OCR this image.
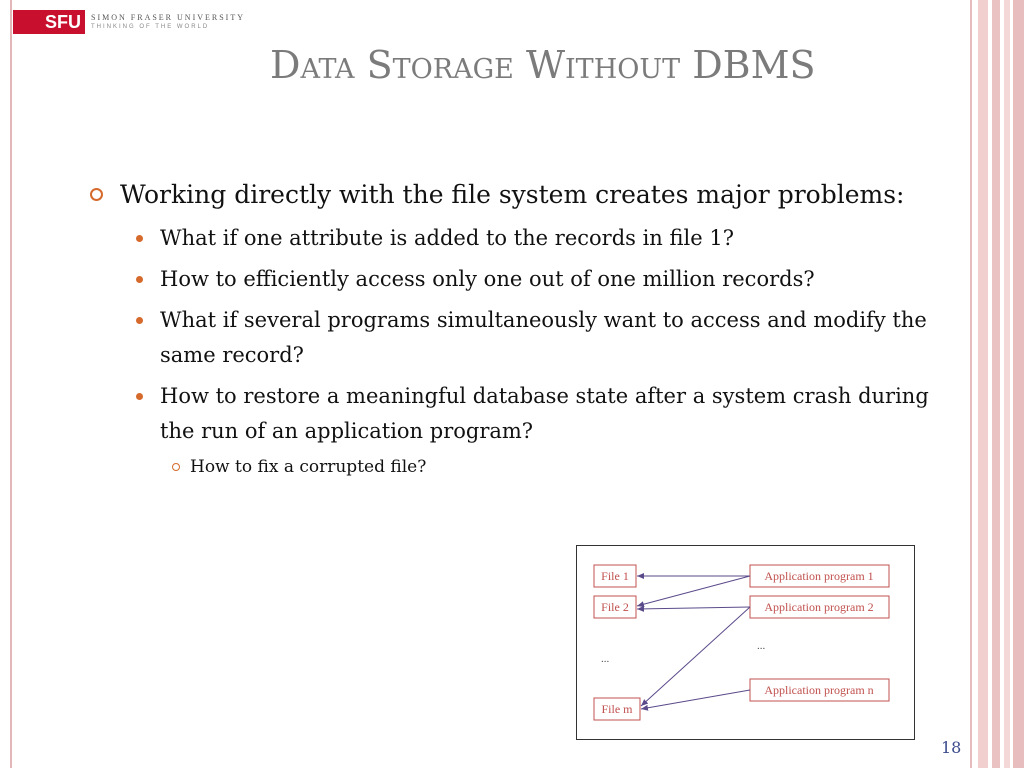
SFU	SIMON FRASER UNIVERSITY
THINKING OF THE WORLD
Data Storage Without DBMS
Working directly with the file system creates major problems:
What if one attribute is added to the records in file 1?
How to efficiently access only one out of one million records?
What if several programs simultaneously want to access and modify the same record?
How to restore a meaningful database state after a system crash during the run of an application program?
How to fix a corrupted file?
File 1
File 2
File m
Application program 1
Application program 2
Application program n
...
...
18
